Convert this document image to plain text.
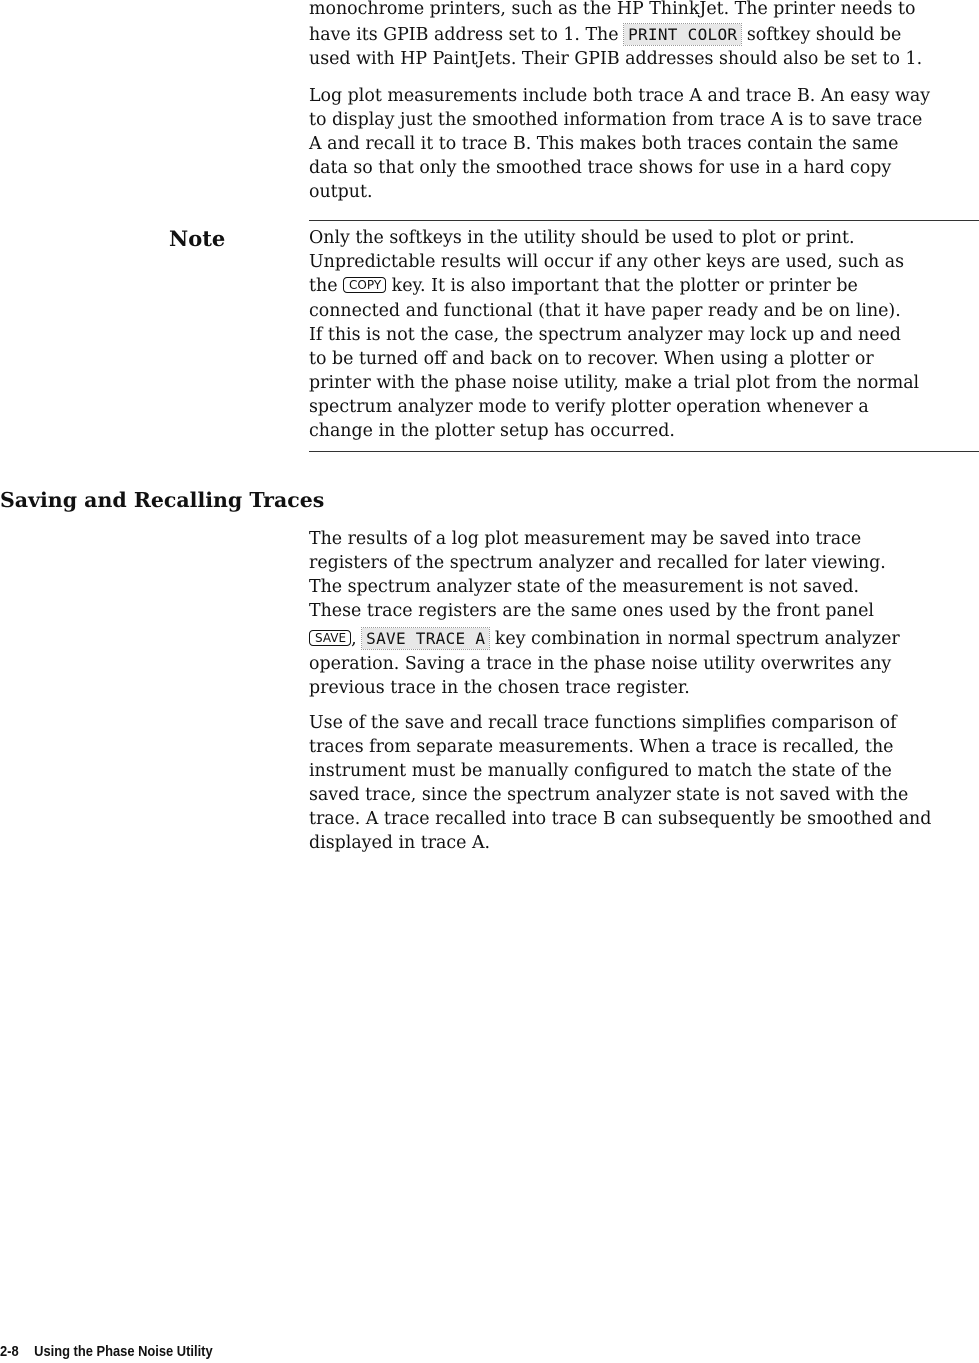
monochrome printers, such as the HP ThinkJet. The printer needs to
have its GPIB address set to 1. The PRINT COLOR softkey should be
used with HP PaintJets. Their GPIB addresses should also be set to 1.

Log plot measurements include both trace A and trace B. An easy way
to display just the smoothed information from trace A is to save trace
A and recall it to trace B. This makes both traces contain the same
data so that only the smoothed trace shows for use in a hard copy
output.

Note	Only the softkeys in the utility should be used to plot or print.
Unpredictable results will occur if any other keys are used, such as
the COPY key. It is also important that the plotter or printer be
connected and functional (that it have paper ready and be on line).
If this is not the case, the spectrum analyzer may lock up and need
to be turned off and back on to recover. When using a plotter or
printer with the phase noise utility, make a trial plot from the normal
spectrum analyzer mode to verify plotter operation whenever a
change in the plotter setup has occurred.

Saving and Recalling Traces

The results of a log plot measurement may be saved into trace
registers of the spectrum analyzer and recalled for later viewing.
The spectrum analyzer state of the measurement is not saved.
These trace registers are the same ones used by the front panel
SAVE , SAVE TRACE A key combination in normal spectrum analyzer
operation. Saving a trace in the phase noise utility overwrites any
previous trace in the chosen trace register.

Use of the save and recall trace functions simplifies comparison of
traces from separate measurements. When a trace is recalled, the
instrument must be manually configured to match the state of the
saved trace, since the spectrum analyzer state is not saved with the
trace. A trace recalled into trace B can subsequently be smoothed and
displayed in trace A.

2-8 Using the Phase Noise Utility
